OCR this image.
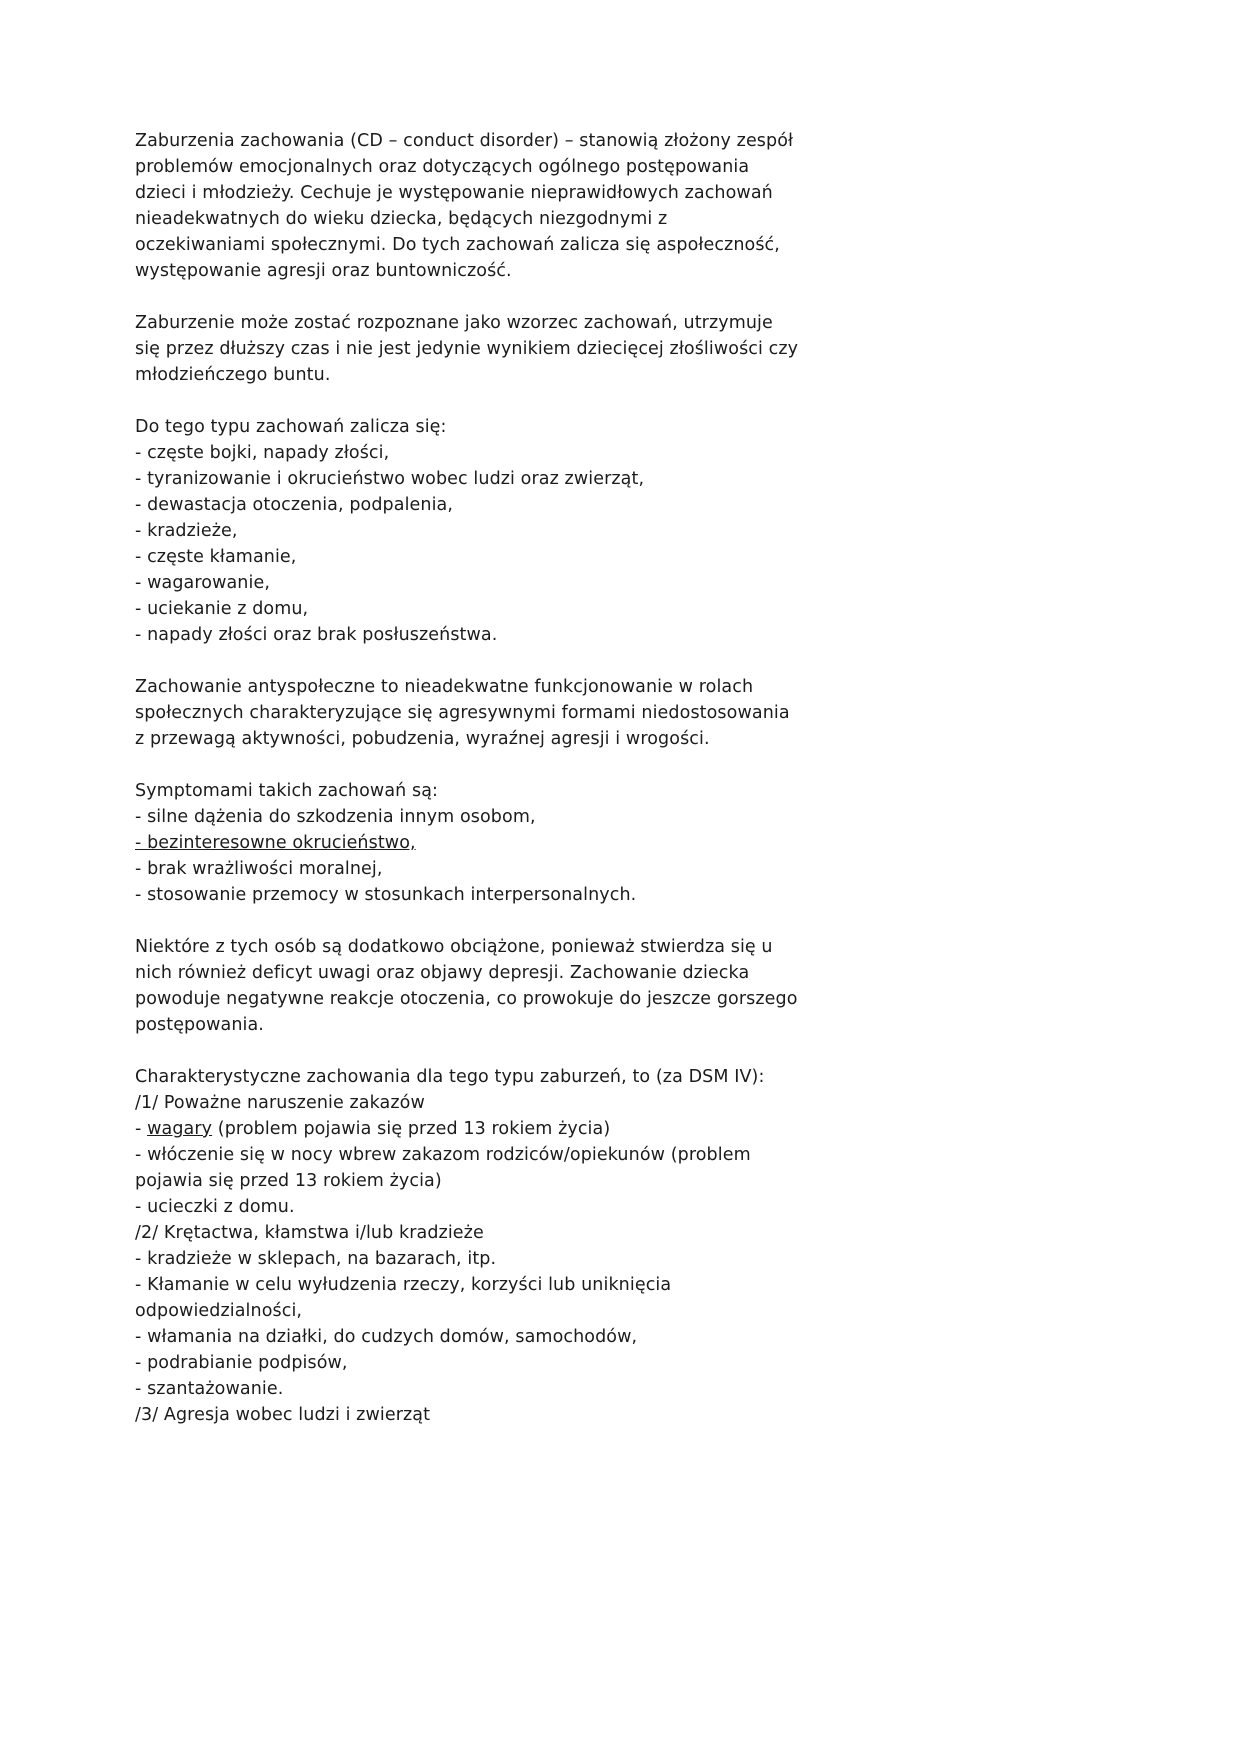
Zaburzenia zachowania (CD – conduct disorder) – stanowią złożony zespół
problemów emocjonalnych oraz dotyczących ogólnego postępowania
dzieci i młodzieży. Cechuje je występowanie nieprawidłowych zachowań
nieadekwatnych do wieku dziecka, będących niezgodnymi z
oczekiwaniami społecznymi. Do tych zachowań zalicza się aspołeczność,
występowanie agresji oraz buntowniczość.
Zaburzenie może zostać rozpoznane jako wzorzec zachowań, utrzymuje
się przez dłuższy czas i nie jest jedynie wynikiem dziecięcej złośliwości czy
młodzieńczego buntu.
Do tego typu zachowań zalicza się:
- częste bojki, napady złości,
- tyranizowanie i okrucieństwo wobec ludzi oraz zwierząt,
- dewastacja otoczenia, podpalenia,
- kradzieże,
- częste kłamanie,
- wagarowanie,
- uciekanie z domu,
- napady złości oraz brak posłuszeństwa.
Zachowanie antyspołeczne to nieadekwatne funkcjonowanie w rolach
społecznych charakteryzujące się agresywnymi formami niedostosowania
z przewagą aktywności, pobudzenia, wyraźnej agresji i wrogości.
Symptomami takich zachowań są:
- silne dążenia do szkodzenia innym osobom,
- bezinteresowne okrucieństwo,
- brak wrażliwości moralnej,
- stosowanie przemocy w stosunkach interpersonalnych.
Niektóre z tych osób są dodatkowo obciążone, ponieważ stwierdza się u
nich również deficyt uwagi oraz objawy depresji. Zachowanie dziecka
powoduje negatywne reakcje otoczenia, co prowokuje do jeszcze gorszego
postępowania.
Charakterystyczne zachowania dla tego typu zaburzeń, to (za DSM IV):
/1/ Poważne naruszenie zakazów
- wagary (problem pojawia się przed 13 rokiem życia)
- włóczenie się w nocy wbrew zakazom rodziców/opiekunów (problem
pojawia się przed 13 rokiem życia)
- ucieczki z domu.
/2/ Krętactwa, kłamstwa i/lub kradzieże
- kradzieże w sklepach, na bazarach, itp.
- Kłamanie w celu wyłudzenia rzeczy, korzyści lub uniknięcia
odpowiedzialności,
- włamania na działki, do cudzych domów, samochodów,
- podrabianie podpisów,
- szantażowanie.
/3/ Agresja wobec ludzi i zwierząt
